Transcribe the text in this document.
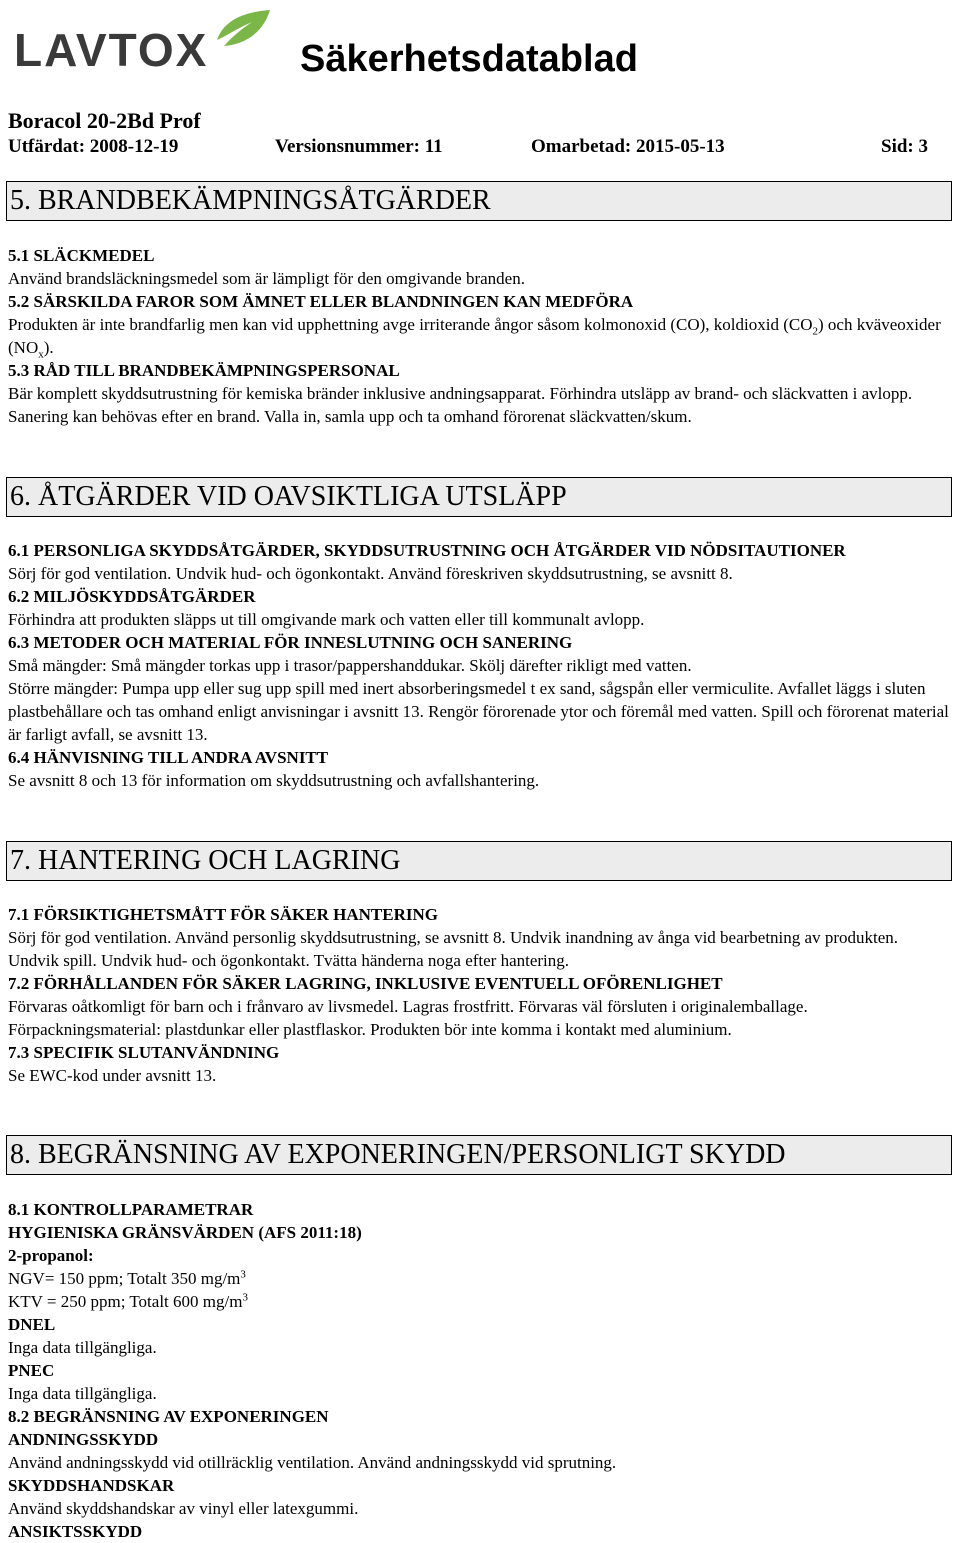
LAVTOX Säkerhetsdatablad
Boracol 20-2Bd Prof
Utfärdat: 2008-12-19	Versionsnummer: 11	Omarbetad: 2015-05-13	Sid: 3
5. BRANDBEKÄMPNINGSÅTGÄRDER

5.1 SLÄCKMEDEL

Använd brandsläckningsmedel som är lämpligt för den omgivande branden.

5.2 SÄRSKILDA FAROR SOM ÄMNET ELLER BLANDNINGEN KAN MEDFÖRA

Produkten är inte brandfarlig men kan vid upphettning avge irriterande ångor såsom kolmonoxid (CO), koldioxid $(CO_2)$ och kväveoxider $(NO_x)$.

5.3 RÅD TILL BRANDBEKÄMPNINGSPERSONAL

Bär komplett skyddsutrustning för kemiska bränder inklusive andningsapparat. Förhindra utsläpp av brand- och släckvatten i avlopp. Sanering kan behövas efter en brand. Valla in, samla upp och ta omhand förorenat släckvatten/skum.

6. ÅTGÄRDER VID OAVSIKTLIGA UTSLÄPP

6.1 PERSONLIGA SKYDDSÅTGÄRDER, SKYDDSUTRUSTNING OCH ÅTGÄRDER VID NÖDSITAUTIONER

Sörj för god ventilation. Undvik hud- och ögonkontakt. Använd föreskriven skyddsutrustning, se avsnitt 8.

6.2 MILJÖSKYDDSÅTGÄRDER

Förhindra att produkten släpps ut till omgivande mark och vatten eller till kommunalt avlopp.

6.3 METODER OCH MATERIAL FÖR INNESLUTNING OCH SANERING

Små mängder: Små mängder torkas upp i trasor/pappershanddukar. Skölj därefter rikligt med vatten.

Större mängder: Pumpa upp eller sug upp spill med inert absorberingsmedel t ex sand, sågspån eller vermiculite. Avfallet läggs i sluten plastbehållare och tas omhand enligt anvisningar i avsnitt 13. Rengör förorenade ytor och föremål med vatten. Spill och förorenat material är farligt avfall, se avsnitt 13.

6.4 HÄNVISNING TILL ANDRA AVSNITT

Se avsnitt 8 och 13 för information om skyddsutrustning och avfallshantering.

7. HANTERING OCH LAGRING

7.1 FÖRSIKTIGHETSMÅTT FÖR SÄKER HANTERING

Sörj för god ventilation. Använd personlig skyddsutrustning, se avsnitt 8. Undvik inandning av ånga vid bearbetning av produkten. Undvik spill. Undvik hud- och ögonkontakt. Tvätta händerna noga efter hantering.

7.2 FÖRHÅLLANDEN FÖR SÄKER LAGRING, INKLUSIVE EVENTUELL OFÖRENLIGHET

Förvaras oåtkomligt för barn och i frånvaro av livsmedel. Lagras frostfritt. Förvaras väl försluten i originalemballage. Förpackningsmaterial: plastdunkar eller plastflaskor. Produkten bör inte komma i kontakt med aluminium.

7.3 SPECIFIK SLUTANVÄNDNING

Se EWC-kod under avsnitt 13.

8. BEGRÄNSNING AV EXPONERINGEN/PERSONLIGT SKYDD

8.1 KONTROLLPARAMETRAR

HYGIENISKA GRÄNSVÄRDEN (AFS 2011:18)

2-propanol:

NGV= 150 ppm; Totalt 350 $mg/m^3$

KTV = 250 ppm; Totalt 600 $mg/m^3$

DNEL

Inga data tillgängliga.

PNEC

Inga data tillgängliga.

8.2 BEGRÄNSNING AV EXPONERINGEN

ANDNINGSSKYDD

Använd andningsskydd vid otillräcklig ventilation. Använd andningsskydd vid sprutning.

SKYDDSHANDSKAR

Använd skyddshandskar av vinyl eller latexgummi.

ANSIKTSSKYDD
